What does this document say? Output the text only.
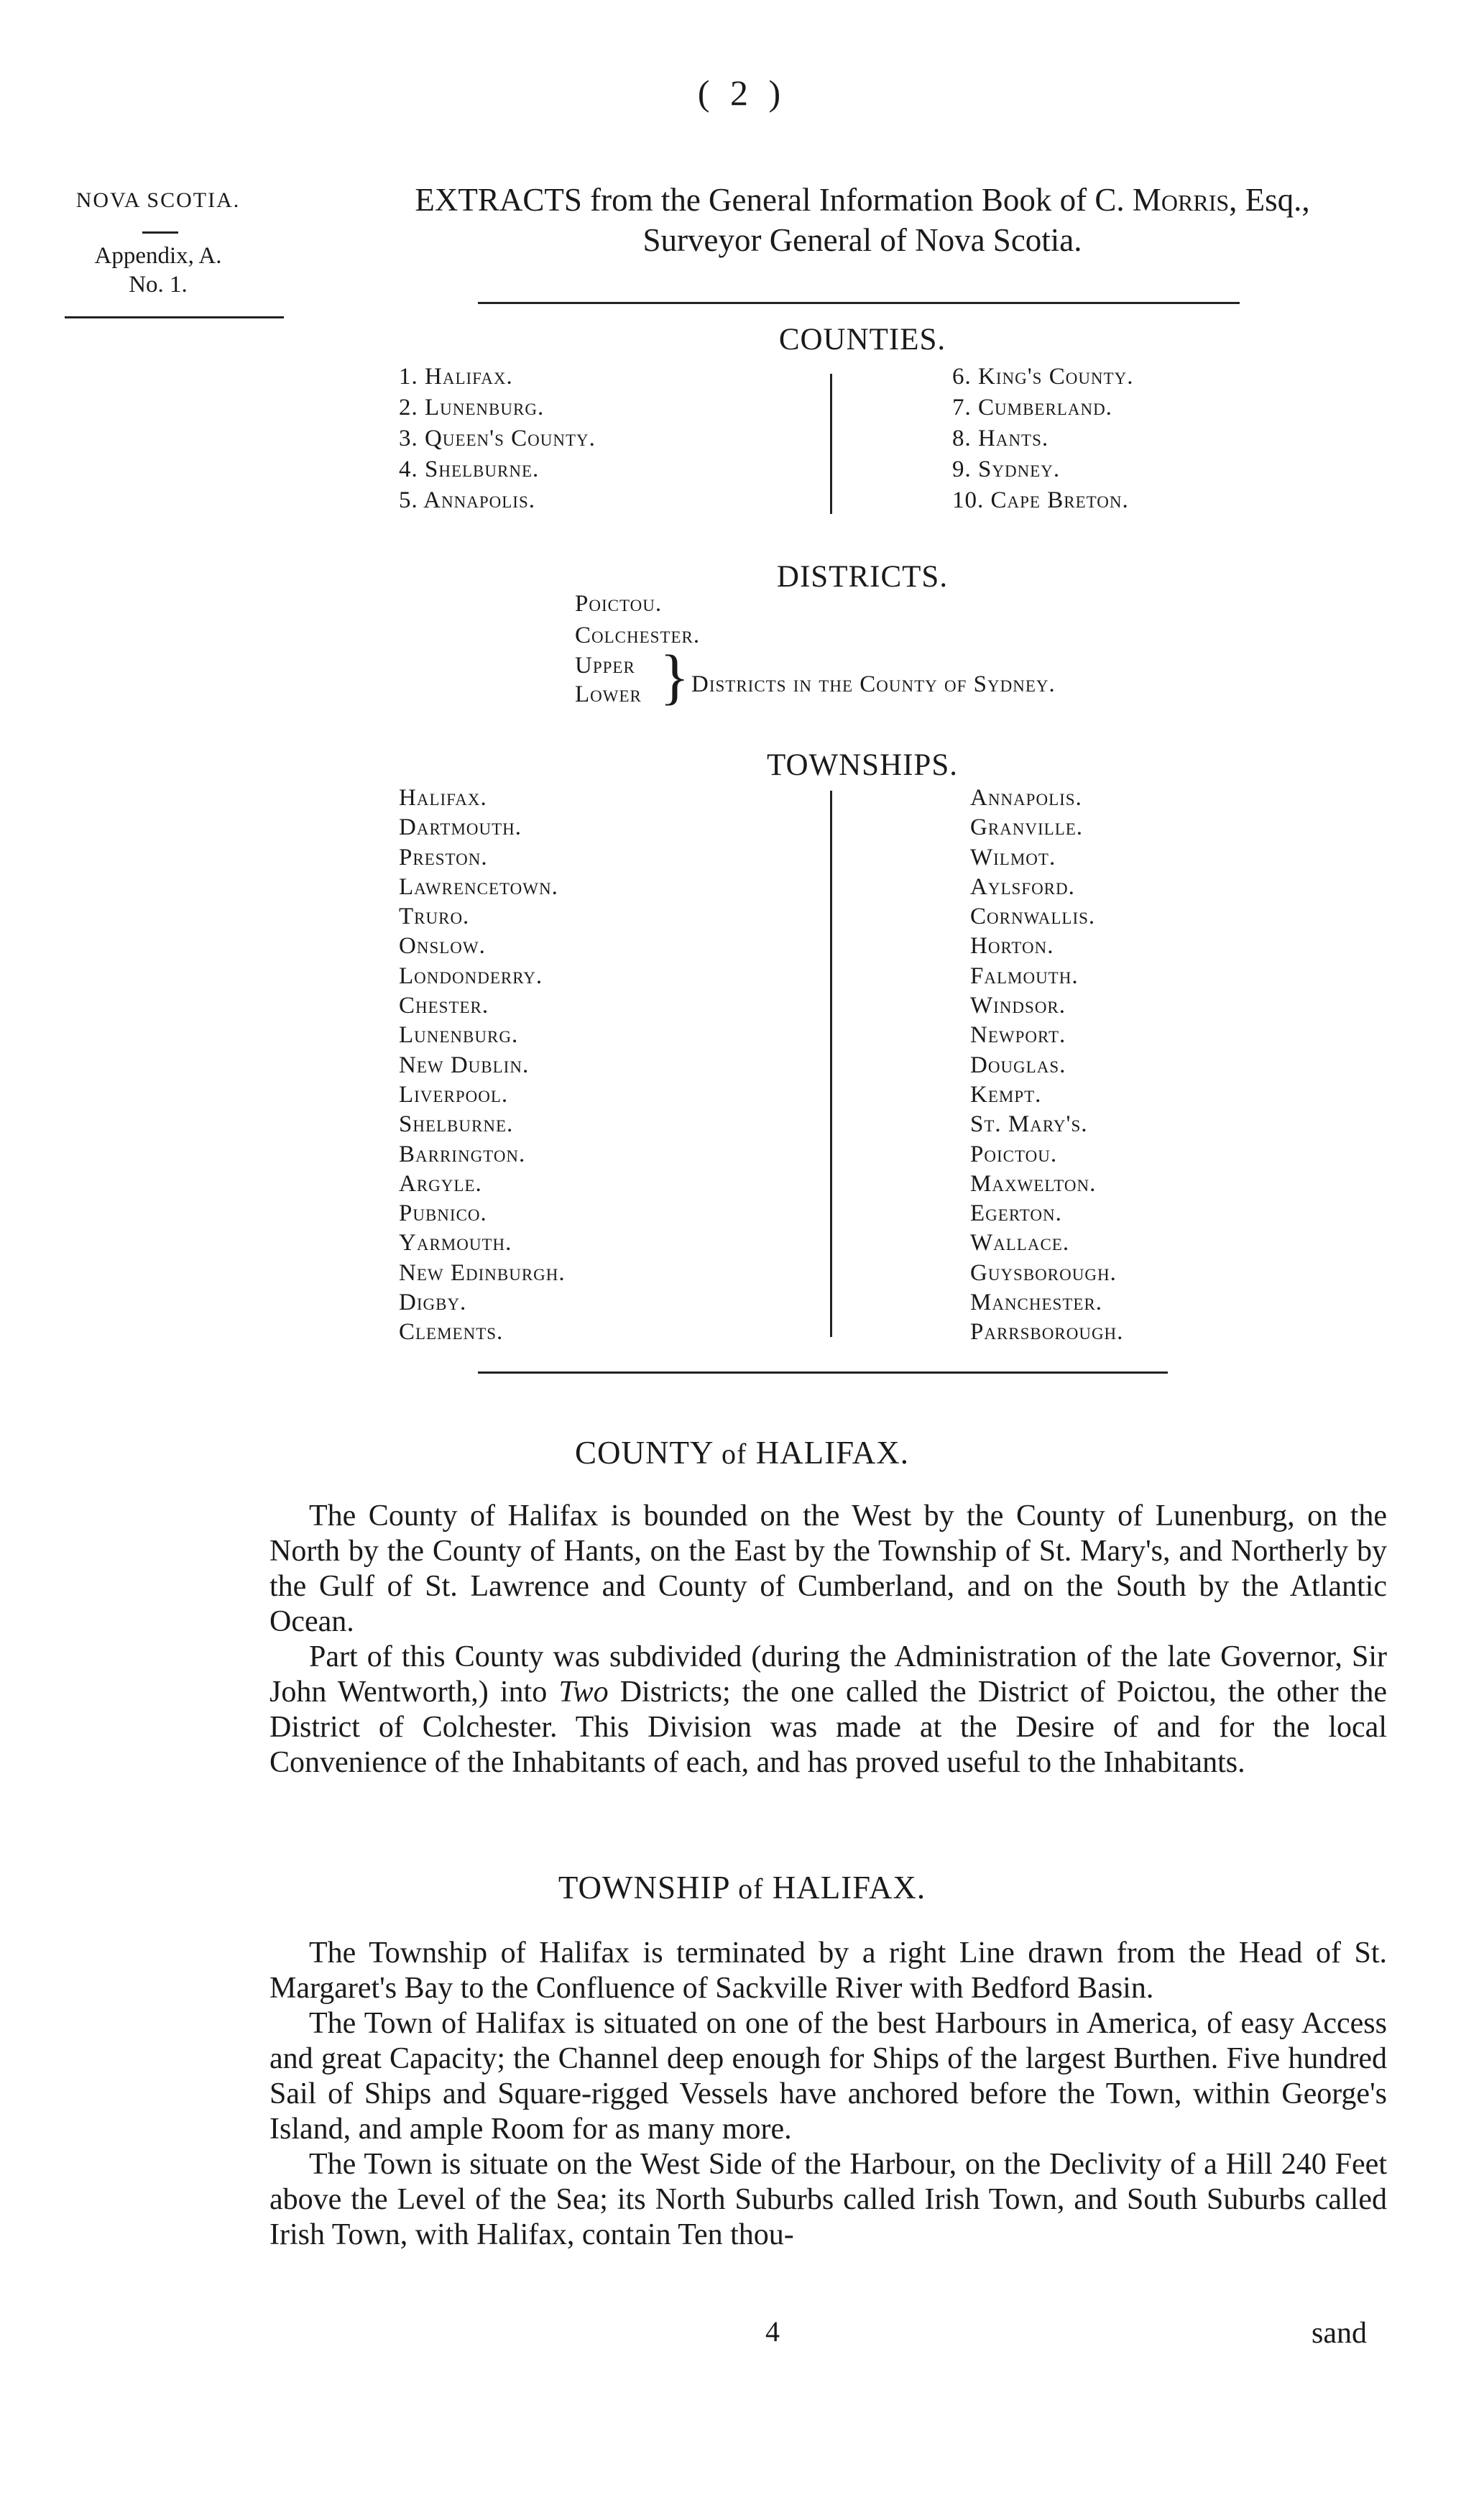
( 2 )
NOVA SCOTIA.
Appendix, A.
No. 1.
EXTRACTS from the General Information Book of C. Morris, Esq.,
Surveyor General of Nova Scotia.
COUNTIES.
1. Halifax.
2. Lunenburg.
3. Queen's County.
4. Shelburne.
5. Annapolis.
6. King's County.
7. Cumberland.
8. Hants.
9. Sydney.
10. Cape Breton.
DISTRICTS.
Poictou.
Colchester.
Upper
Lower } Districts in the County of Sydney.
TOWNSHIPS.
Halifax.
Dartmouth.
Preston.
Lawrencetown.
Truro.
Onslow.
Londonderry.
Chester.
Lunenburg.
New Dublin.
Liverpool.
Shelburne.
Barrington.
Argyle.
Pubnico.
Yarmouth.
New Edinburgh.
Digby.
Clements.
Annapolis.
Granville.
Wilmot.
Aylsford.
Cornwallis.
Horton.
Falmouth.
Windsor.
Newport.
Douglas.
Kempt.
St. Mary's.
Poictou.
Maxwelton.
Egerton.
Wallace.
Guysborough.
Manchester.
Parrsborough.
COUNTY of HALIFAX.

The County of Halifax is bounded on the West by the County of Lunenburg, on the North by the County of Hants, on the East by the Township of St. Mary's, and Northerly by the Gulf of St. Lawrence and County of Cumberland, and on the South by the Atlantic Ocean.

Part of this County was subdivided (during the Administration of the late Governor, Sir John Wentworth,) into Two Districts; the one called the District of Poictou, the other the District of Colchester. This Division was made at the Desire of and for the local Convenience of the Inhabitants of each, and has proved useful to the Inhabitants.

TOWNSHIP of HALIFAX.

The Township of Halifax is terminated by a right Line drawn from the Head of St. Margaret's Bay to the Confluence of Sackville River with Bedford Basin.

The Town of Halifax is situated on one of the best Harbours in America, of easy Access and great Capacity; the Channel deep enough for Ships of the largest Burthen. Five hundred Sail of Ships and Square-rigged Vessels have anchored before the Town, within George's Island, and ample Room for as many more.

The Town is situate on the West Side of the Harbour, on the Declivity of a Hill 240 Feet above the Level of the Sea; its North Suburbs called Irish Town, and South Suburbs called Irish Town, with Halifax, contain Ten thou-

4	sand
